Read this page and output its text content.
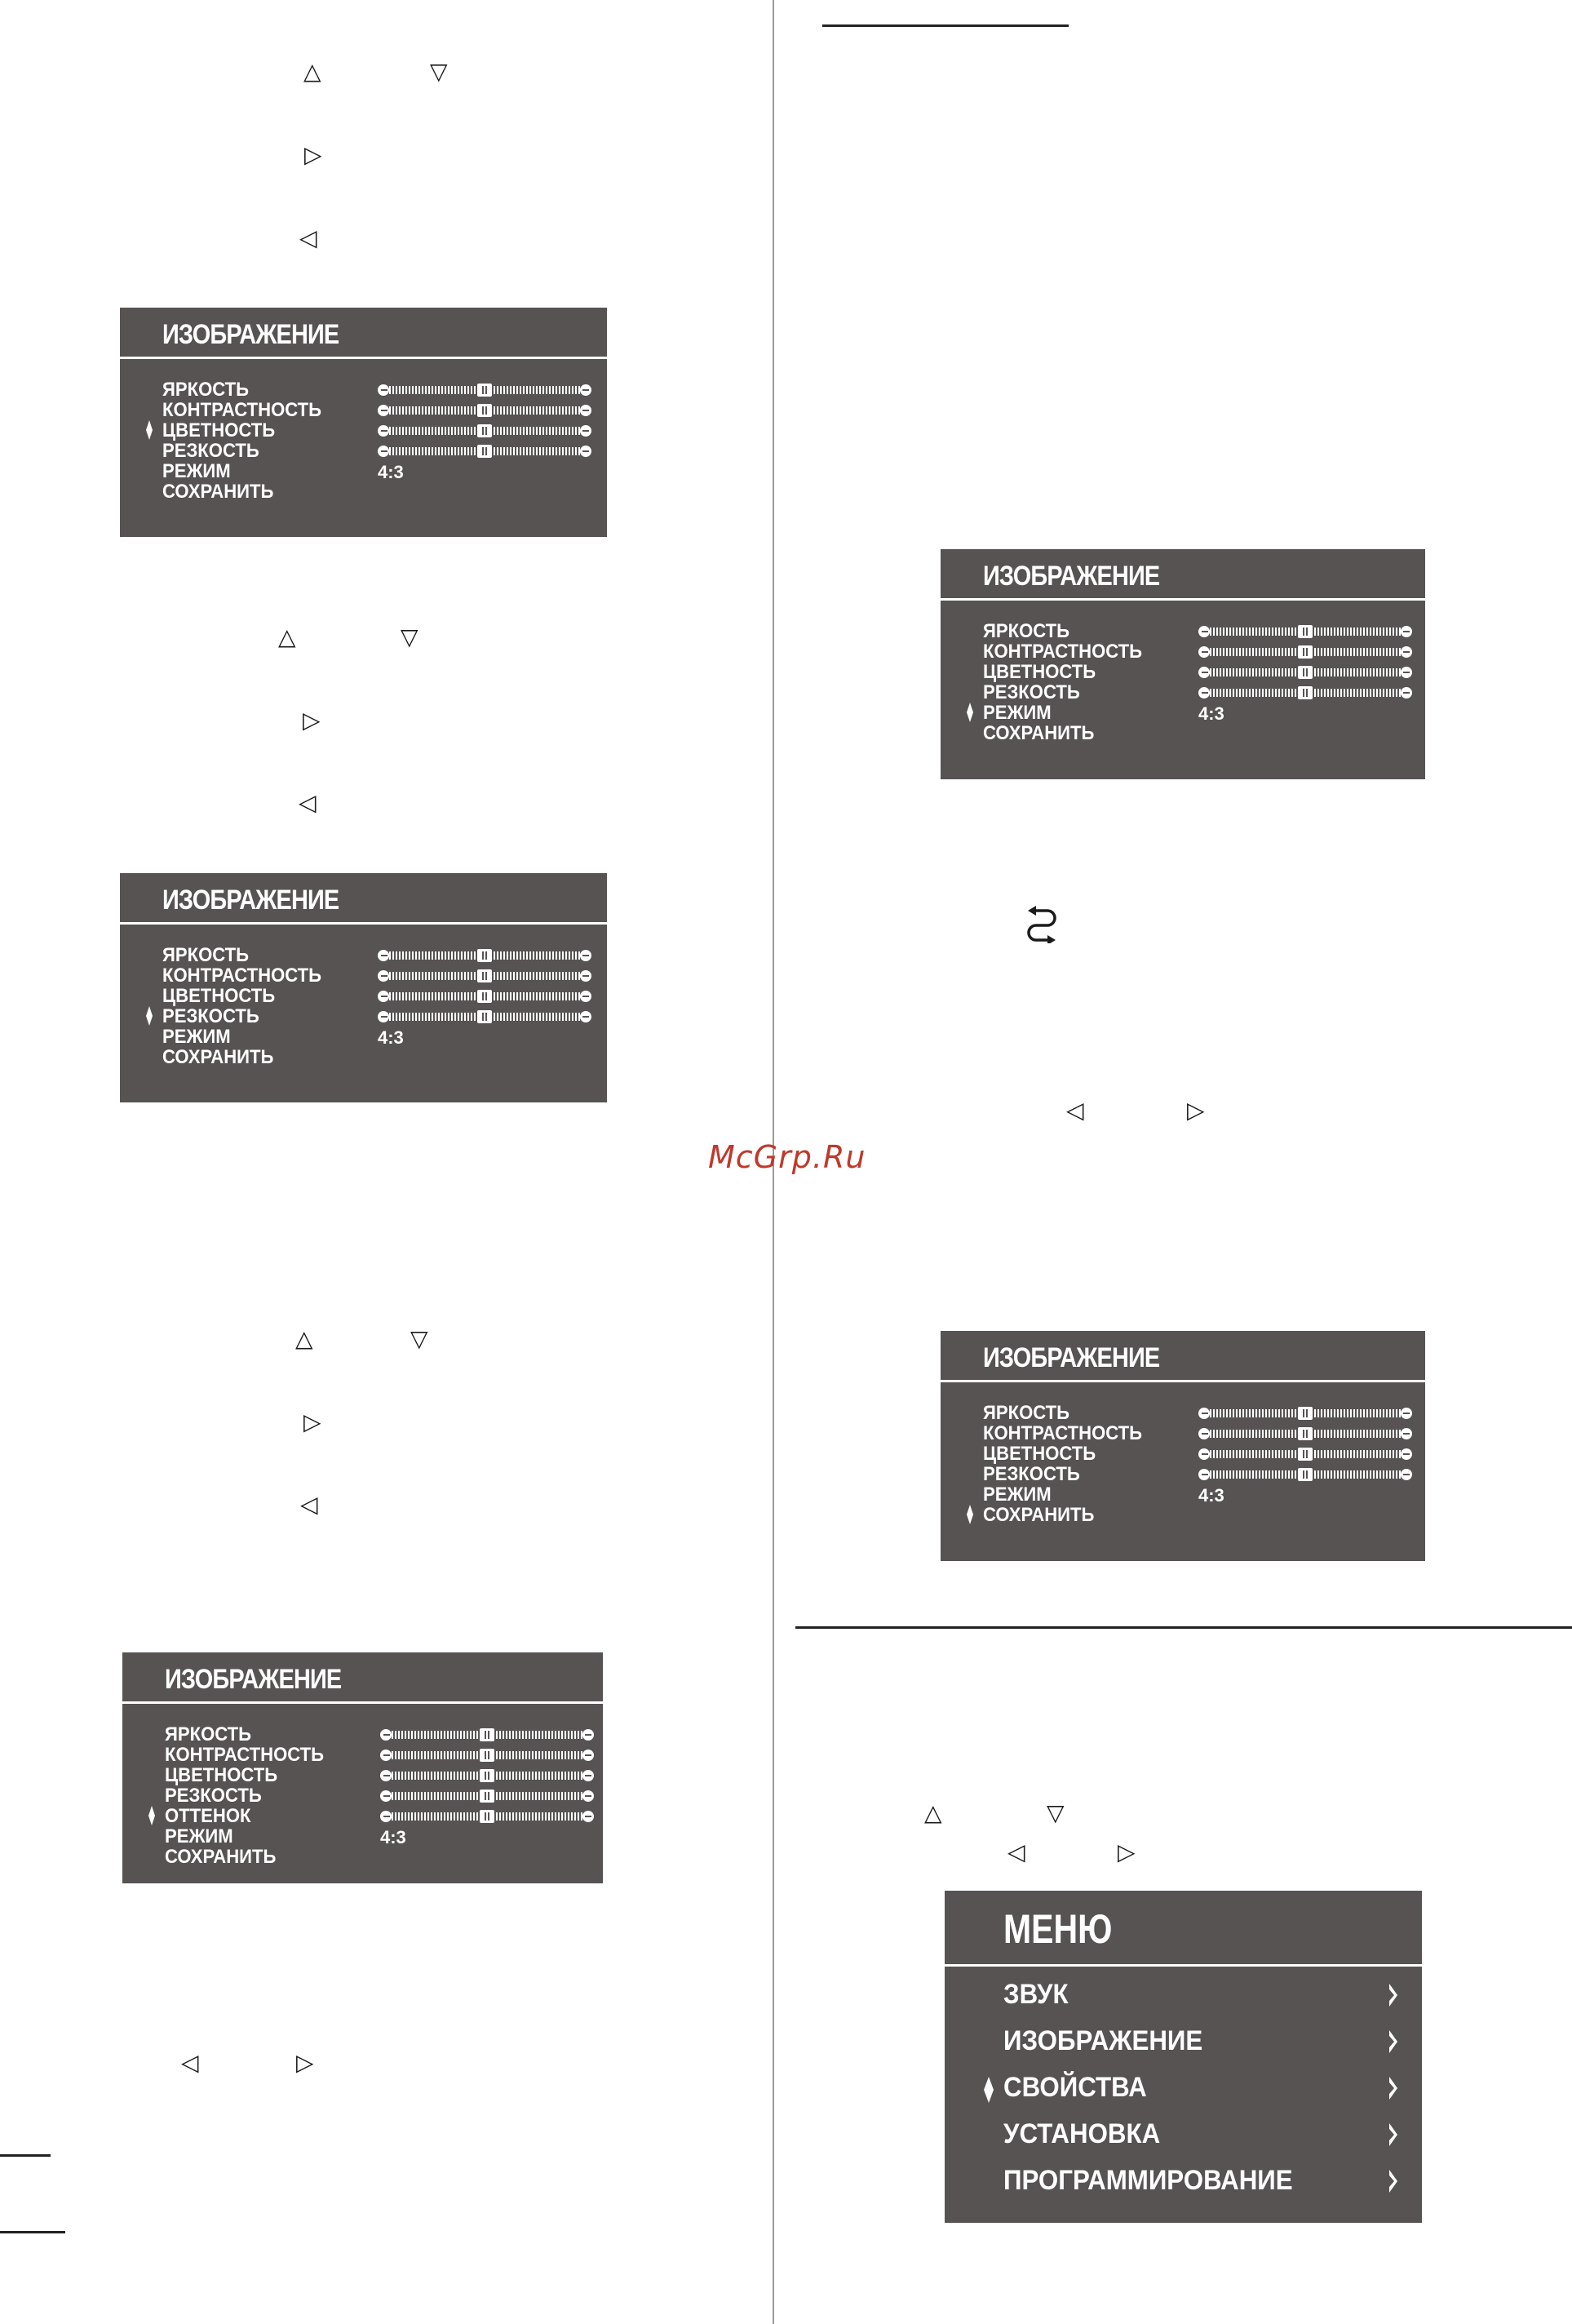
△	▽
▷
◁
△	▽
▷
◁
△	▽
▷
◁
◁	▷
◁	▷
△	▽
◁	▷
ИЗОБРАЖЕНИЕ
ЯРКОСТЬ
КОНТРАСТНОСТЬ
ЦВЕТНОСТЬ
РЕЗКОСТЬ
РЕЖИМ	4:3
СОХРАНИТЬ
ИЗОБРАЖЕНИЕ
ЯРКОСТЬ
КОНТРАСТНОСТЬ
ЦВЕТНОСТЬ
РЕЗКОСТЬ
РЕЖИМ	4:3
СОХРАНИТЬ
ИЗОБРАЖЕНИЕ
ЯРКОСТЬ
КОНТРАСТНОСТЬ
ЦВЕТНОСТЬ
РЕЗКОСТЬ
ОТТЕНОК
РЕЖИМ	4:3
СОХРАНИТЬ
ИЗОБРАЖЕНИЕ
ЯРКОСТЬ
КОНТРАСТНОСТЬ
ЦВЕТНОСТЬ
РЕЗКОСТЬ
РЕЖИМ	4:3
СОХРАНИТЬ
ИЗОБРАЖЕНИЕ
ЯРКОСТЬ
КОНТРАСТНОСТЬ
ЦВЕТНОСТЬ
РЕЗКОСТЬ
РЕЖИМ	4:3
СОХРАНИТЬ
МЕНЮ
ЗВУК
ИЗОБРАЖЕНИЕ
СВОЙСТВА
УСТАНОВКА
ПРОГРАММИРОВАНИЕ
McGrp.Ru
